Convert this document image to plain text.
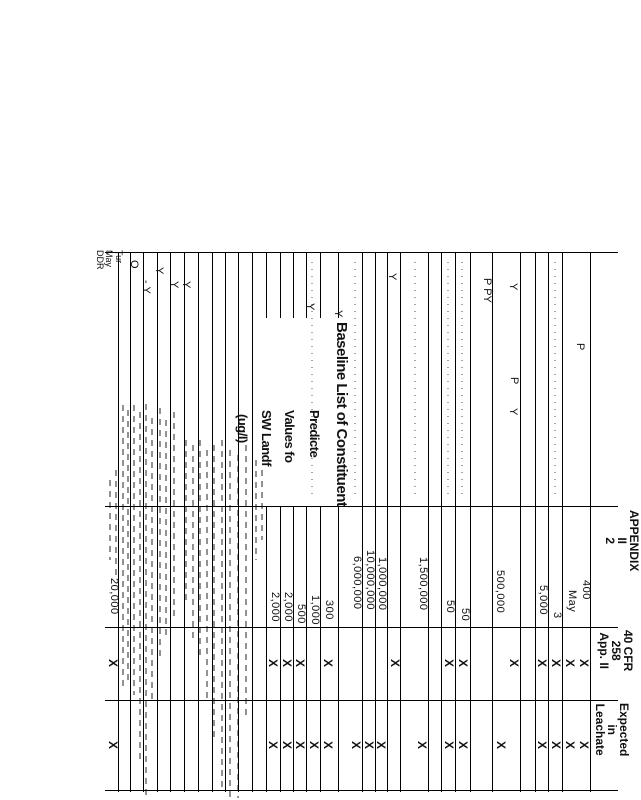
APPENDIX
II
2
40 CFR
258
App. II
Expected
in
Leachate
Baseline List of Constituent
Predicte
Values fo
SW Landf
(ug/l)
P
P
P PY Y
Y
Y
Y
Y
Y
Y
- Y
O
Y
Tur
May
DDR
400
May
3
5,000
500,000
50
50
1,500,000
1,000,000
10,000,000
6,000,000
300
1,000
2,000 500
2,000
20,000
X
X
X
X
X
X
X
X
X
X
X
X
X
X
X
X
X
X
X
X
X
X
X
X
X
X
X
X
X
X
